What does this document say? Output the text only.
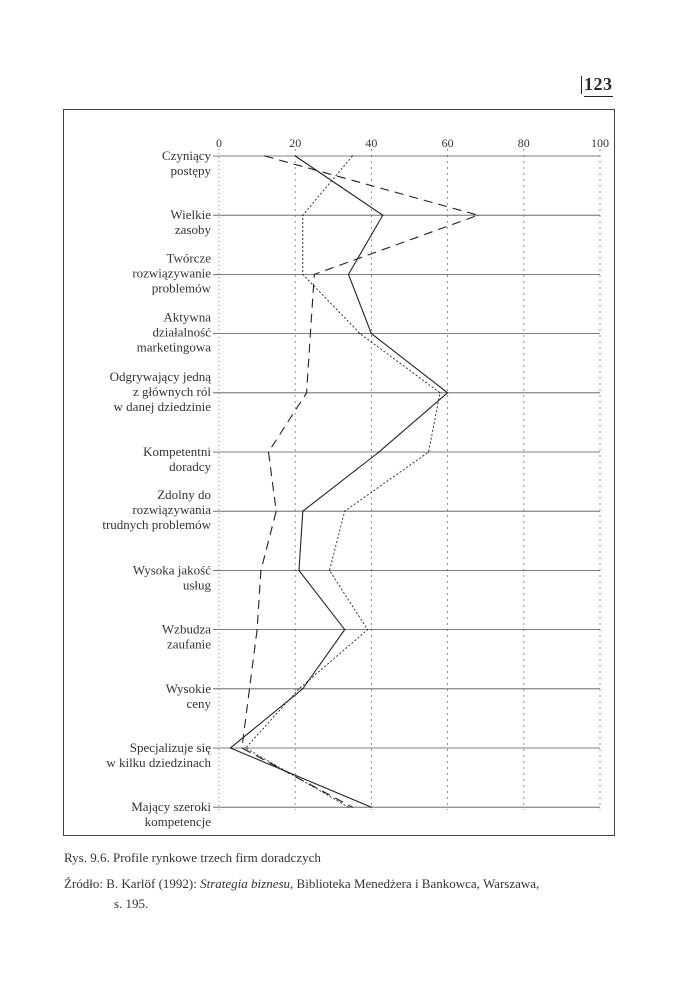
123
0	20	40	60	80	100
Czyniący
postępy
Wielkie
zasoby
Twórcze
rozwiązywanie
problemów
Aktywna
działalność
marketingowa
Odgrywający jedną
z głównych ról
w danej dziedzinie
Kompetentni
doradcy
Zdolny do
rozwiązywania
trudnych problemów
Wysoka jakość
usług
Wzbudza
zaufanie
Wysokie
ceny
Specjalizuje się
w kilku dziedzinach
Mający szeroki
kompetencje
Rys. 9.6. Profile rynkowe trzech firm doradczych
Źródło: B. Karlöf (1992): Strategia biznesu, Biblioteka Menedżera i Bankowca, Warszawa,
s. 195.
